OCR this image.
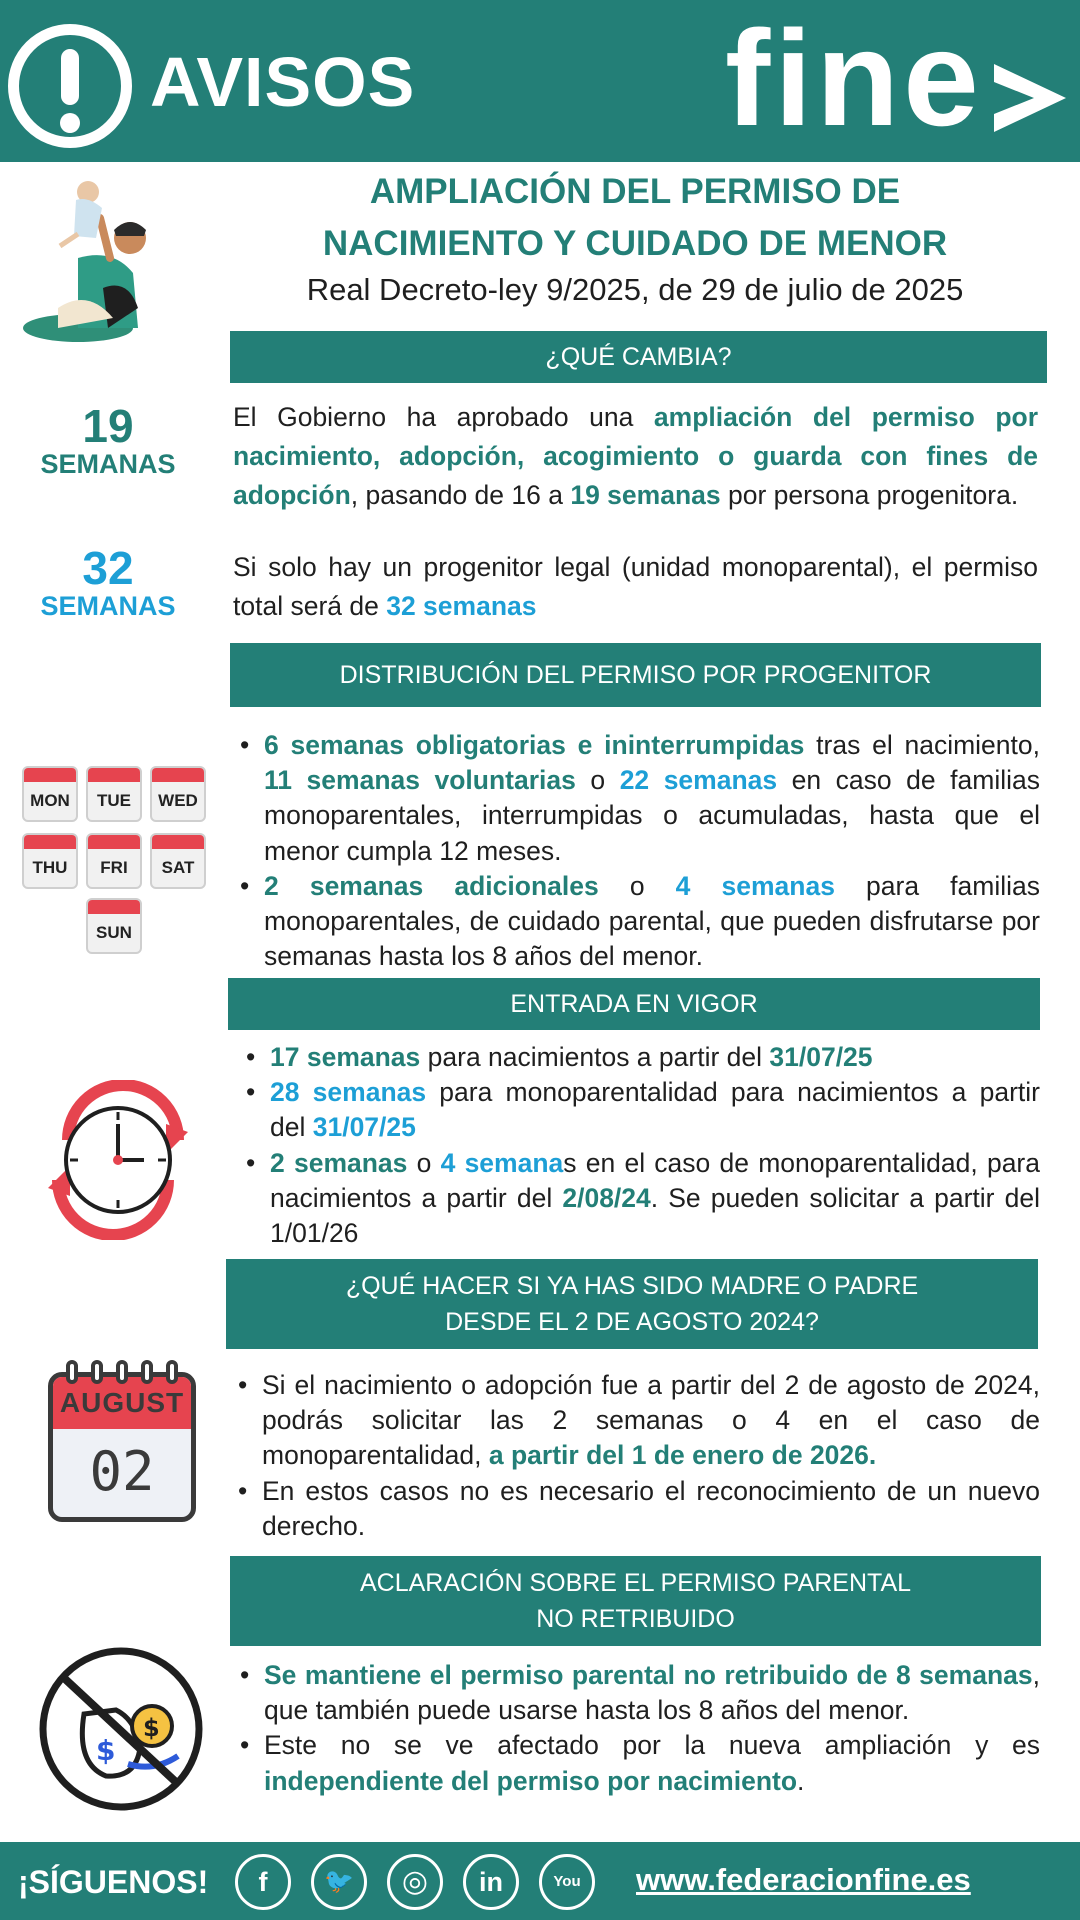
AVISOS fine
AMPLIACIÓN DEL PERMISO DE
NACIMIENTO Y CUIDADO DE MENOR
Real Decreto-ley 9/2025, de 29 de julio de 2025
¿QUÉ CAMBIA?
19
SEMANAS
32
SEMANAS
El Gobierno ha aprobado una ampliación del permiso por nacimiento, adopción, acogimiento o guarda con fines de adopción, pasando de 16 a 19 semanas por persona progenitora.
Si solo hay un progenitor legal (unidad monoparental), el permiso total será de 32 semanas
DISTRIBUCIÓN DEL PERMISO POR PROGENITOR
MON	TUE	WED
THU	FRI	SAT
SUN
• 6 semanas obligatorias e ininterrumpidas tras el nacimiento, 11 semanas voluntarias o 22 semanas en caso de familias monoparentales, interrumpidas o acumuladas, hasta que el menor cumpla 12 meses.
• 2 semanas adicionales o 4 semanas para familias monoparentales, de cuidado parental, que pueden disfrutarse por semanas hasta los 8 años del menor.
ENTRADA EN VIGOR
• 17 semanas para nacimientos a partir del 31/07/25
• 28 semanas para monoparentalidad para nacimientos a partir del 31/07/25
• 2 semanas o 4 semanas en el caso de monoparentalidad, para nacimientos a partir del 2/08/24. Se pueden solicitar a partir del 1/01/26
¿QUÉ HACER SI YA HAS SIDO MADRE O PADRE
DESDE EL 2 DE AGOSTO 2024?
AUGUST
02
• Si el nacimiento o adopción fue a partir del 2 de agosto de 2024, podrás solicitar las 2 semanas o 4 en el caso de monoparentalidad, a partir del 1 de enero de 2026.
• En estos casos no es necesario el reconocimiento de un nuevo derecho.
ACLARACIÓN SOBRE EL PERMISO PARENTAL
NO RETRIBUIDO
$
$
• Se mantiene el permiso parental no retribuido de 8 semanas, que también puede usarse hasta los 8 años del menor.
• Este no se ve afectado por la nueva ampliación y es independiente del permiso por nacimiento.
¡SÍGUENOS!	f	🐦	◎	in	You	www.federacionfine.es
